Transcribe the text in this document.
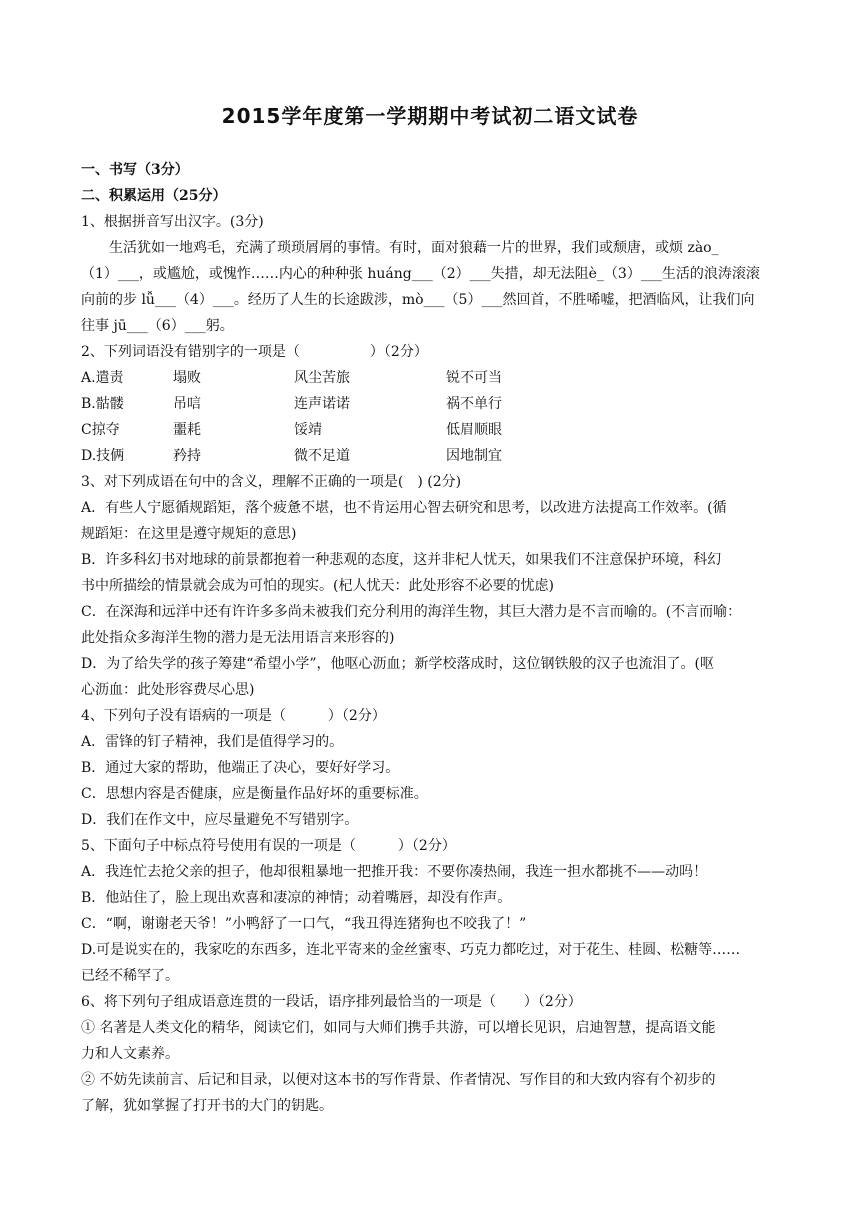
2015学年度第一学期期中考试初二语文试卷
一、书写（3分）
二、积累运用（25分）
1、根据拼音写出汉字。(3分)
生活犹如一地鸡毛，充满了琐琐屑屑的事情。有时，面对狼藉一片的世界，我们或颓唐，或烦 zào_
（1）___，或尴尬，或愧怍……内心的种种张 huáng___（2）___失措，却无法阻è_（3）___生活的浪涛滚滚
向前的步 lǚ___（4）___。经历了人生的长途跋涉，mò___（5）___然回首，不胜唏嘘，把酒临风，让我们向
往事 jū___（6）___躬。
2、下列词语没有错别字的一项是（　　　　　）（2分）
A.遣责	塌败	风尘苦旅	锐不可当
B.骷髅	吊唁	连声诺诺	祸不单行
C掠夺	噩耗	馁靖	低眉顺眼
D.技俩	矜持	微不足道	因地制宜
3、对下列成语在句中的含义，理解不正确的一项是(　) (2分)
A．有些人宁愿循规蹈矩，落个疲惫不堪，也不肯运用心智去研究和思考，以改进方法提高工作效率。(循
规蹈矩：在这里是遵守规矩的意思)
B．许多科幻书对地球的前景都抱着一种悲观的态度，这并非杞人忧天，如果我们不注意保护环境，科幻
书中所描绘的情景就会成为可怕的现实。(杞人忧天：此处形容不必要的忧虑)
C．在深海和远洋中还有许许多多尚未被我们充分利用的海洋生物，其巨大潜力是不言而喻的。(不言而喻：
此处指众多海洋生物的潜力是无法用语言来形容的)
D．为了给失学的孩子筹建“希望小学”，他呕心沥血；新学校落成时，这位钢铁般的汉子也流泪了。(呕
心沥血：此处形容费尽心思)
4、下列句子没有语病的一项是（　　　）（2分）
A．雷锋的钉子精神，我们是值得学习的。
B．通过大家的帮助，他端正了决心，要好好学习。
C．思想内容是否健康，应是衡量作品好坏的重要标准。
D．我们在作文中，应尽量避免不写错别字。
5、下面句子中标点符号使用有误的一项是（　　　）（2分）
A．我连忙去抢父亲的担子，他却很粗暴地一把推开我：不要你凑热闹，我连一担水都挑不——动吗！
B．他站住了，脸上现出欢喜和凄凉的神情；动着嘴唇，却没有作声。
C．“啊，谢谢老天爷！”小鸭舒了一口气，“我丑得连猪狗也不咬我了！”
D.可是说实在的，我家吃的东西多，连北平寄来的金丝蜜枣、巧克力都吃过，对于花生、桂圆、松糖等……
已经不稀罕了。
6、将下列句子组成语意连贯的一段话，语序排列最恰当的一项是（　　）（2分）
① 名著是人类文化的精华，阅读它们，如同与大师们携手共游，可以增长见识，启迪智慧，提高语文能
力和人文素养。
② 不妨先读前言、后记和目录，以便对这本书的写作背景、作者情况、写作目的和大致内容有个初步的
了解，犹如掌握了打开书的大门的钥匙。
